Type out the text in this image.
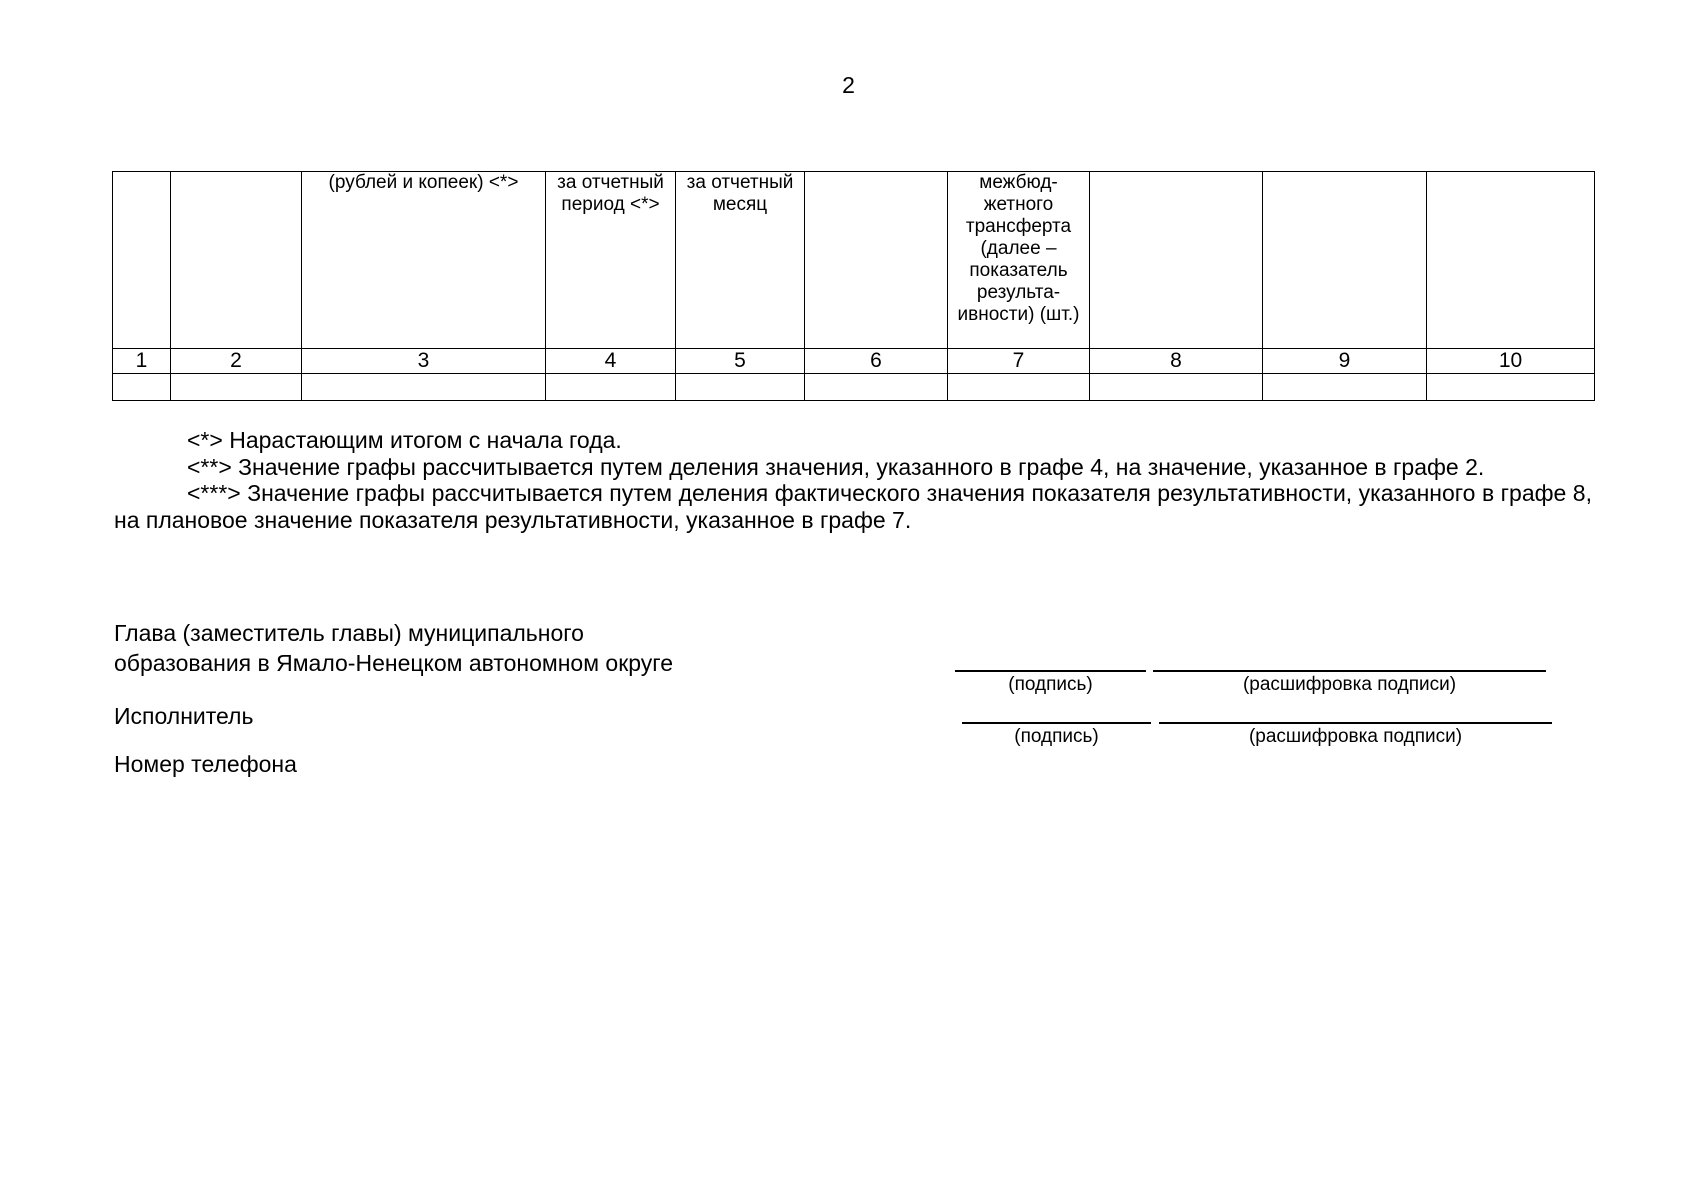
2
		(рублей и копеек) <*>	за отчетный период <*>	за отчетный месяц		межбюд-жетного трансферта (далее – показатель результа-ивности) (шт.)			
1	2	3	4	5	6	7	8	9	10

<*> Нарастающим итогом с начала года.

<**> Значение графы рассчитывается путем деления значения, указанного в графе 4, на значение, указанное в графе 2.

<***> Значение графы рассчитывается путем деления фактического значения показателя результативности, указанного в графе 8, на плановое значение показателя результативности, указанное в графе 7.

Глава (заместитель главы) муниципального
образования в Ямало-Ненецком автономном округе
(подпись)	(расшифровка подписи)
Исполнитель
(подпись)	(расшифровка подписи)
Номер телефона
